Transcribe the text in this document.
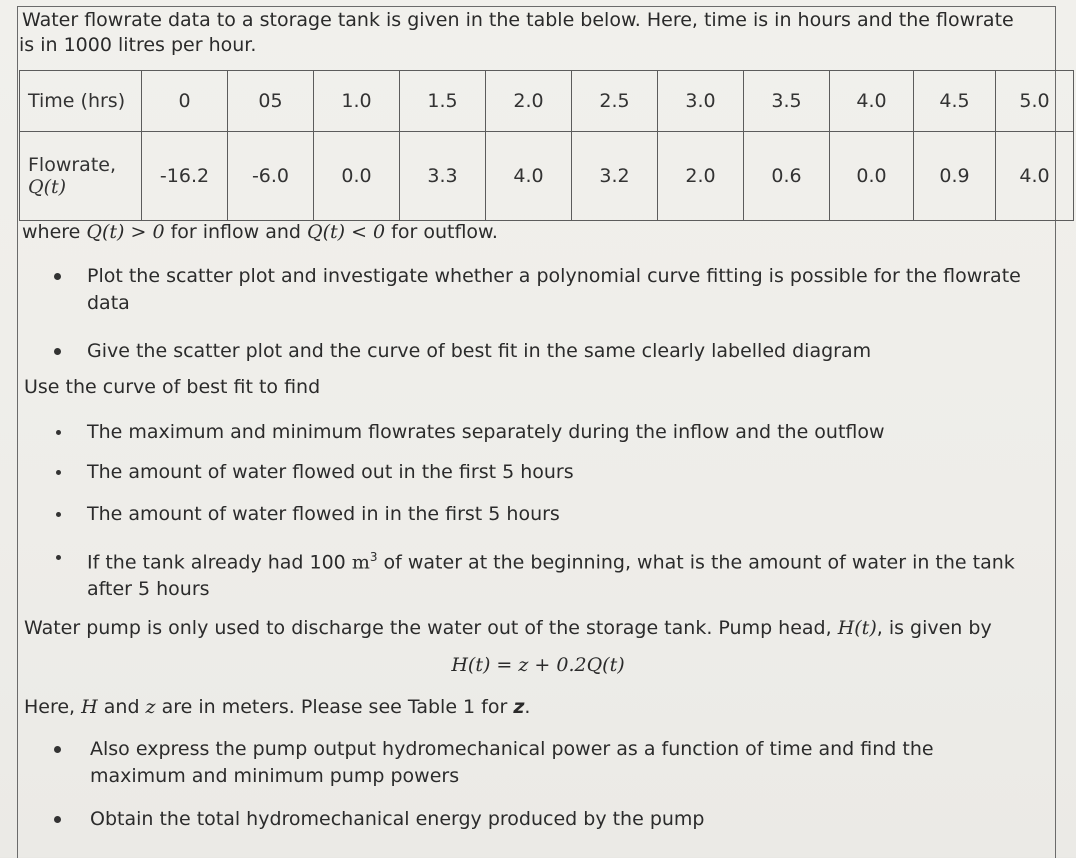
Water flowrate data to a storage tank is given in the table below. Here, time is in hours and the flowrate
is in 1000 litres per hour.
Time (hrs)	0	05	1.0	1.5	2.0	2.5	3.0	3.5	4.0	4.5	5.0

Flowrate,
Q(t)	-16.2	-6.0	0.0	3.3	4.0	3.2	2.0	0.6	0.0	0.9	4.0
where Q(t) > 0 for inflow and Q(t) < 0 for outflow.
Plot the scatter plot and investigate whether a polynomial curve fitting is possible for the flowrate
data
Give the scatter plot and the curve of best fit in the same clearly labelled diagram
Use the curve of best fit to find
The maximum and minimum flowrates separately during the inflow and the outflow
The amount of water flowed out in the first 5 hours
The amount of water flowed in in the first 5 hours
If the tank already had 100 $m^3$ of water at the beginning, what is the amount of water in the tank
after 5 hours
Water pump is only used to discharge the water out of the storage tank. Pump head, H(t), is given by
H(t) = z + 0.2Q(t)
Here, H and z are in meters. Please see Table 1 for z.
Also express the pump output hydromechanical power as a function of time and find the
maximum and minimum pump powers
Obtain the total hydromechanical energy produced by the pump
